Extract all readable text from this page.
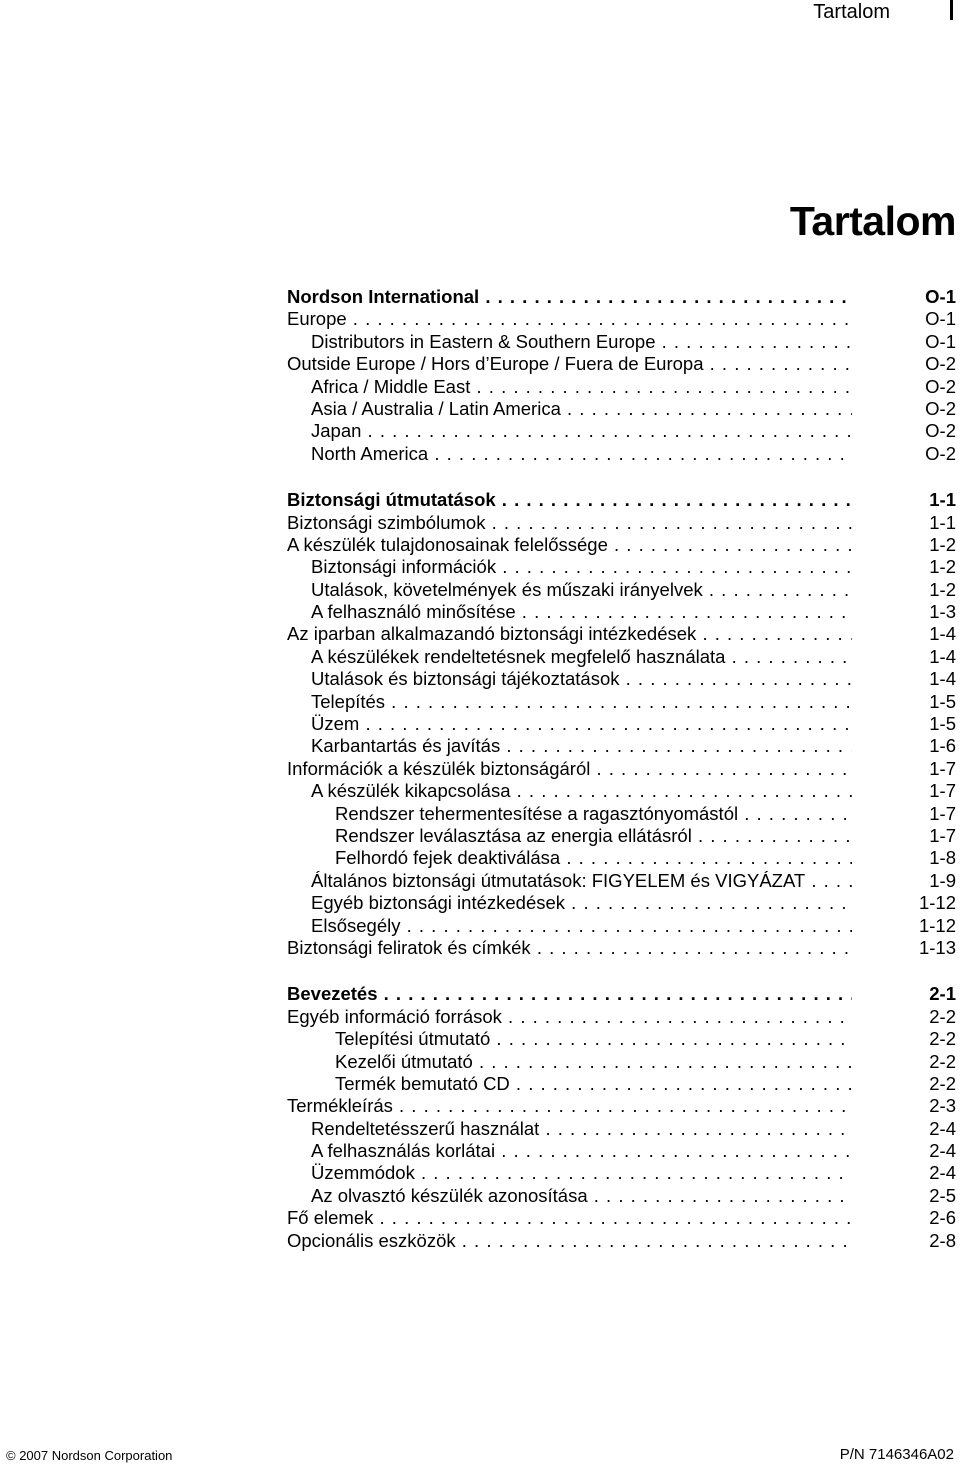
Tartalom
Tartalom
Nordson International . . .	O-1
Europe . . .	O-1
Distributors in Eastern & Southern Europe . . .	O-1
Outside Europe / Hors d’Europe / Fuera de Europa . . .	O-2
Africa / Middle East . . .	O-2
Asia / Australia / Latin America . . .	O-2
Japan . . .	O-2
North America . . .	O-2
Biztonsági útmutatások . . .	1-1
Biztonsági szimbólumok . . .	1-1
A készülék tulajdonosainak felelőssége . . .	1-2
Biztonsági információk . . .	1-2
Utalások, követelmények és műszaki irányelvek . . .	1-2
A felhasználó minősítése . . .	1-3
Az iparban alkalmazandó biztonsági intézkedések . . .	1-4
A készülékek rendeltetésnek megfelelő használata . . .	1-4
Utalások és biztonsági tájékoztatások . . .	1-4
Telepítés . . .	1-5
Üzem . . .	1-5
Karbantartás és javítás . . .	1-6
Információk a készülék biztonságáról . . .	1-7
A készülék kikapcsolása . . .	1-7
Rendszer tehermentesítése a ragasztónyomástól . . .	1-7
Rendszer leválasztása az energia ellátásról . . .	1-7
Felhordó fejek deaktiválása . . .	1-8
Általános biztonsági útmutatások: FIGYELEM és VIGYÁZAT . . .	1-9
Egyéb biztonsági intézkedések . . .	1-12
Elsősegély . . .	1-12
Biztonsági feliratok és címkék . . .	1-13
Bevezetés . . .	2-1
Egyéb információ források . . .	2-2
Telepítési útmutató . . .	2-2
Kezelői útmutató . . .	2-2
Termék bemutató CD . . .	2-2
Termékleírás . . .	2-3
Rendeltetésszerű használat . . .	2-4
A felhasználás korlátai . . .	2-4
Üzemmódok . . .	2-4
Az olvasztó készülék azonosítása . . .	2-5
Fő elemek . . .	2-6
Opcionális eszközök . . .	2-8
© 2007 Nordson Corporation	P/N 7146346A02
